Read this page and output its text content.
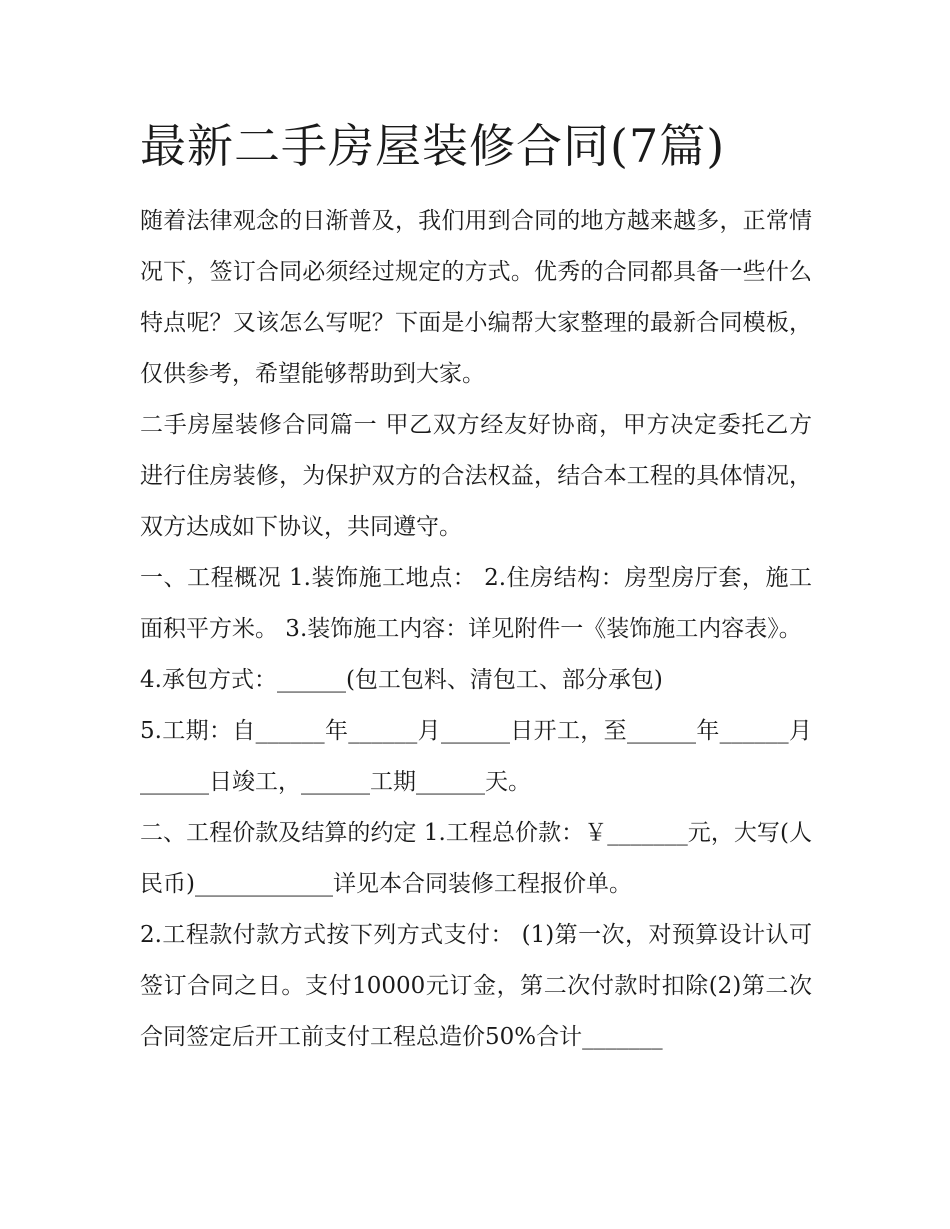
最新二手房屋装修合同(7篇)

随着法律观念的日渐普及，我们用到合同的地方越来越多，正常情况下，签订合同必须经过规定的方式。优秀的合同都具备一些什么特点呢？又该怎么写呢？下面是小编帮大家整理的最新合同模板，仅供参考，希望能够帮助到大家。

二手房屋装修合同篇一 甲乙双方经友好协商，甲方决定委托乙方进行住房装修，为保护双方的合法权益，结合本工程的具体情况，双方达成如下协议，共同遵守。

一、工程概况 1.装饰施工地点： 2.住房结构：房型房厅套，施工面积平方米。 3.装饰施工内容：详见附件一《装饰施工内容表》。

4.承包方式：______(包工包料、清包工、部分承包)

5.工期：自______年______月______日开工，至______年______月______日竣工，______工期______天。

二、工程价款及结算的约定 1.工程总价款：￥_______元，大写(人民币)____________详见本合同装修工程报价单。

2.工程款付款方式按下列方式支付： (1)第一次，对预算设计认可签订合同之日。支付10000元订金，第二次付款时扣除(2)第二次合同签定后开工前支付工程总造价50%合计_______
